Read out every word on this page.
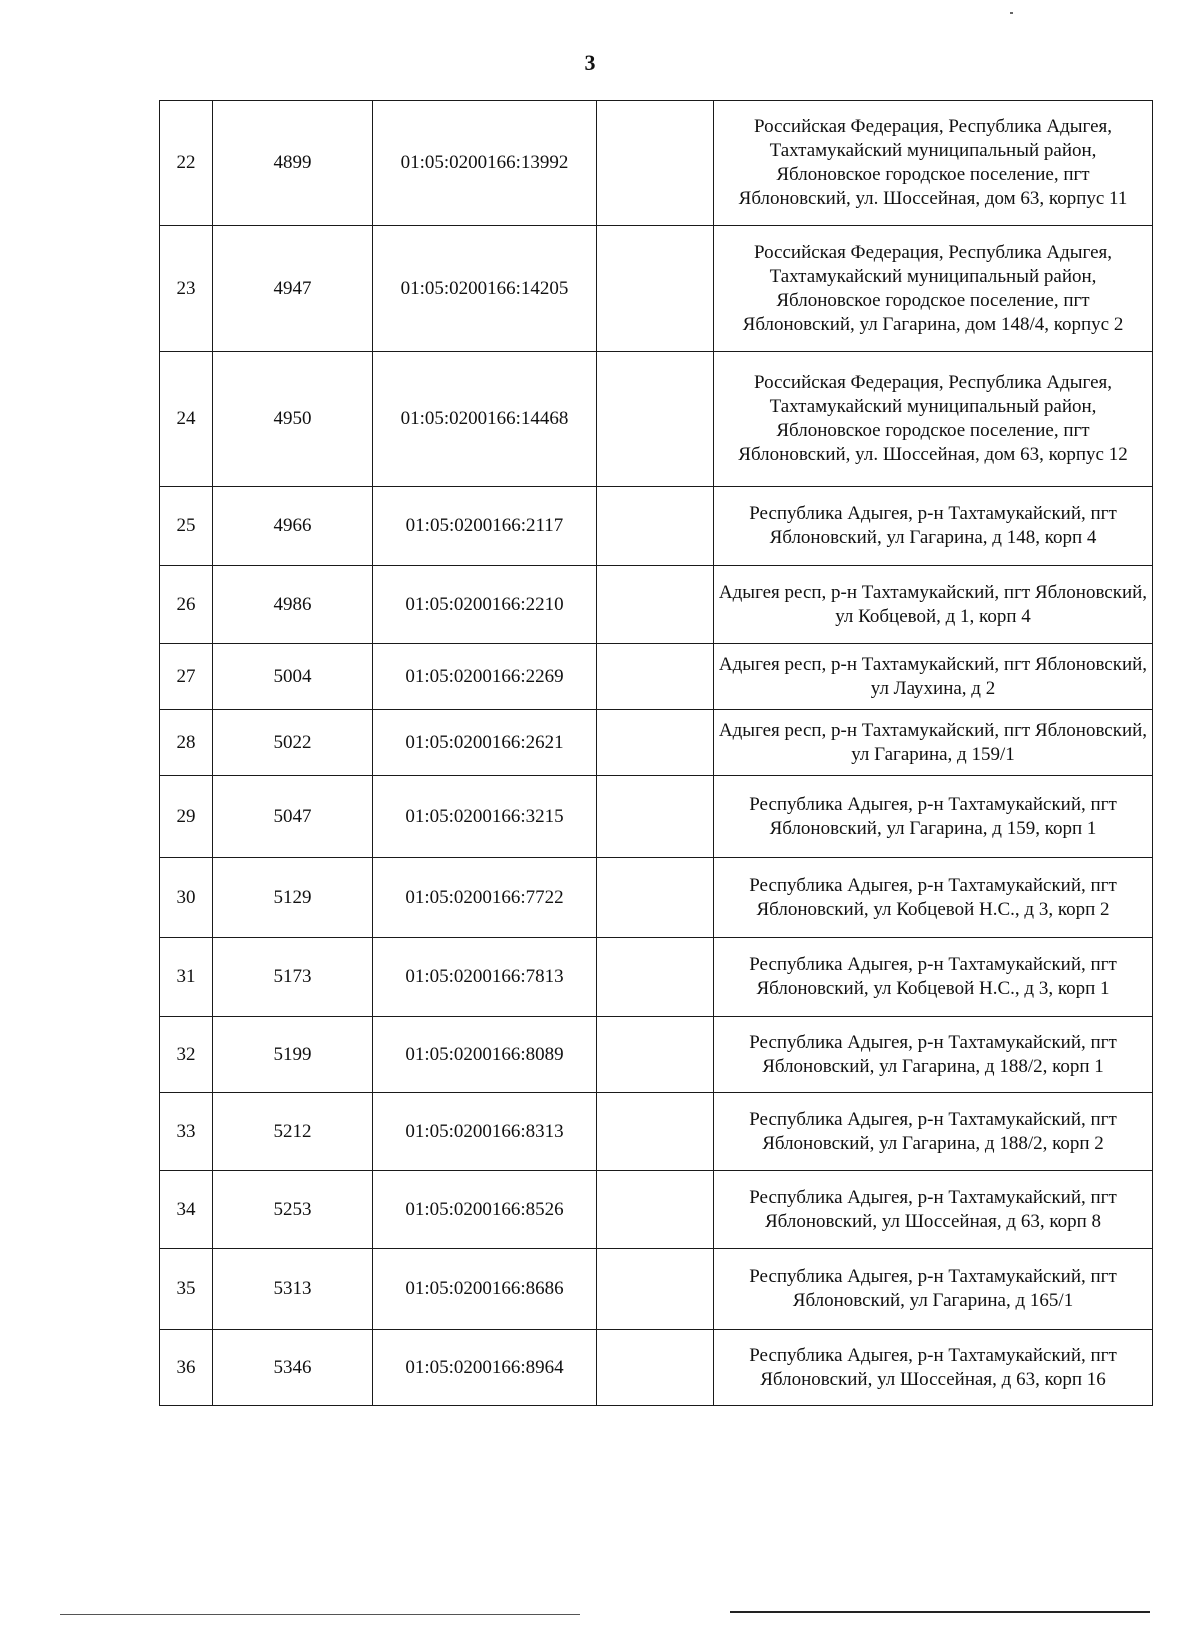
3
22	4899	01:05:0200166:13992		Российская Федерация, Республика Адыгея, Тахтамукайский муниципальный район, Яблоновское городское поселение, пгт Яблоновский, ул. Шоссейная, дом 63, корпус 11
23	4947	01:05:0200166:14205		Российская Федерация, Республика Адыгея, Тахтамукайский муниципальный район, Яблоновское городское поселение, пгт Яблоновский, ул Гагарина, дом 148/4, корпус 2
24	4950	01:05:0200166:14468		Российская Федерация, Республика Адыгея, Тахтамукайский муниципальный район, Яблоновское городское поселение, пгт Яблоновский, ул. Шоссейная, дом 63, корпус 12
25	4966	01:05:0200166:2117		Республика Адыгея, р-н Тахтамукайский, пгт Яблоновский, ул Гагарина, д 148, корп 4
26	4986	01:05:0200166:2210		Адыгея респ, р-н Тахтамукайский, пгт Яблоновский, ул Кобцевой, д 1, корп 4
27	5004	01:05:0200166:2269		Адыгея респ, р-н Тахтамукайский, пгт Яблоновский, ул Лаухина, д 2
28	5022	01:05:0200166:2621		Адыгея респ, р-н Тахтамукайский, пгт Яблоновский, ул Гагарина, д 159/1
29	5047	01:05:0200166:3215		Республика Адыгея, р-н Тахтамукайский, пгт Яблоновский, ул Гагарина, д 159, корп 1
30	5129	01:05:0200166:7722		Республика Адыгея, р-н Тахтамукайский, пгт Яблоновский, ул Кобцевой Н.С., д 3, корп 2
31	5173	01:05:0200166:7813		Республика Адыгея, р-н Тахтамукайский, пгт Яблоновский, ул Кобцевой Н.С., д 3, корп 1
32	5199	01:05:0200166:8089		Республика Адыгея, р-н Тахтамукайский, пгт Яблоновский, ул Гагарина, д 188/2, корп 1
33	5212	01:05:0200166:8313		Республика Адыгея, р-н Тахтамукайский, пгт Яблоновский, ул Гагарина, д 188/2, корп 2
34	5253	01:05:0200166:8526		Республика Адыгея, р-н Тахтамукайский, пгт Яблоновский, ул Шоссейная, д 63, корп 8
35	5313	01:05:0200166:8686		Республика Адыгея, р-н Тахтамукайский, пгт Яблоновский, ул Гагарина, д 165/1
36	5346	01:05:0200166:8964		Республика Адыгея, р-н Тахтамукайский, пгт Яблоновский, ул Шоссейная, д 63, корп 16
